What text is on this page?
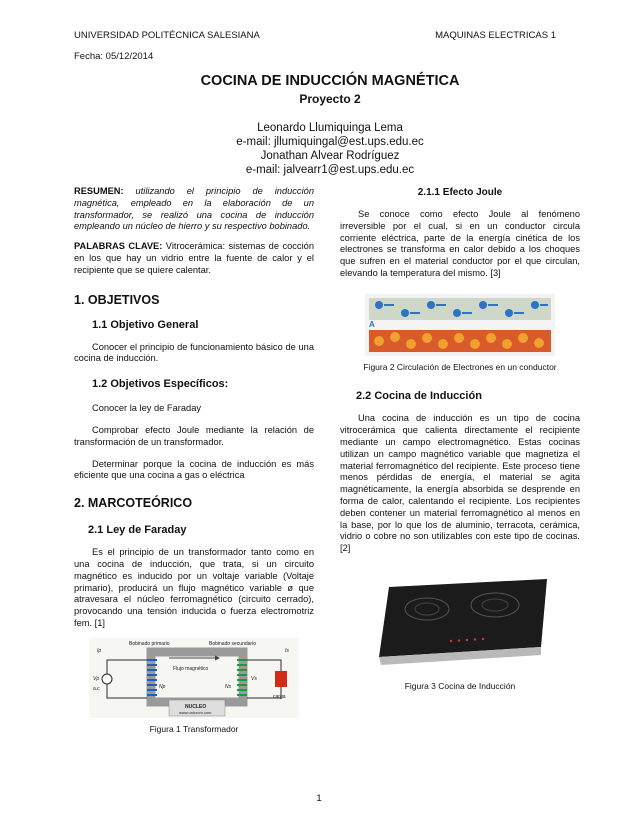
UNIVERSIDAD POLITÉCNICA SALESIANA	MAQUINAS ELECTRICAS 1
Fecha: 05/12/2014
COCINA DE INDUCCIÓN MAGNÉTICA
Proyecto 2
Leonardo Llumiquinga Lema
e-mail: jllumiquingal@est.ups.edu.ec
Jonathan Alvear Rodríguez
e-mail: jalvearr1@est.ups.edu.ec
RESUMEN: utilizando el principio de inducción magnética, empleado en la elaboración de un transformador, se realizó una cocina de inducción empleando un núcleo de hierro y su respectivo bobinado.
PALABRAS CLAVE: Vitrocerámica: sistemas de cocción en los que hay un vidrio entre la fuente de calor y el recipiente que se quiere calentar.
1. OBJETIVOS
1.1 Objetivo General

Conocer el principio de funcionamiento básico de una cocina de inducción.

1.2 Objetivos Específicos:

Conocer la ley de Faraday

Comprobar efecto Joule mediante la relación de transformación de un transformador.

Determinar porque la cocina de inducción es más eficiente que una cocina a gas o eléctrica

2. MARCOTEÓRICO
2.1 Ley de Faraday

Es el principio de un transformador tanto como en una cocina de inducción, que trata, si un circuito magnético es inducido por un voltaje variable (Voltaje primario), producirá un flujo magnético variable ø que atravesara el núcleo ferromagnético (circuito cerrado), provocando una tensión inducida o fuerza electromotriz fem. [1]

Bobinado primario	Bobinado secundario
Flujo magnético
Ip	Is
Vp
a.c
Vs
Np	Ns
carga
NUCLEO
www.unicrom.com
Figura 1 Transformador
2.1.1 Efecto Joule

Se conoce como efecto Joule al fenómeno irreversible por el cual, si en un conductor circula corriente eléctrica, parte de la energía cinética de los electrones se transforma en calor debido a los choques que sufren en el material conductor por el que circulan, elevando la temperatura del mismo. [3]

A
Figura 2 Circulación de Electrones en un conductor
2.2 Cocina de Inducción

Una cocina de inducción es un tipo de cocina vitrocerámica que calienta directamente el recipiente mediante un campo electromagnético. Estas cocinas utilizan un campo magnético variable que magnetiza el material ferromagnético del recipiente. Este proceso tiene menos pérdidas de energía, el material se agita magnéticamente, la energía absorbida se desprende en forma de calor, calentando el recipiente. Los recipientes deben contener un material ferromagnético al menos en la base, por lo que los de aluminio, terracota, cerámica, vidrio o cobre no son utilizables con este tipo de cocinas.[2]

Figura 3 Cocina de Inducción
1
